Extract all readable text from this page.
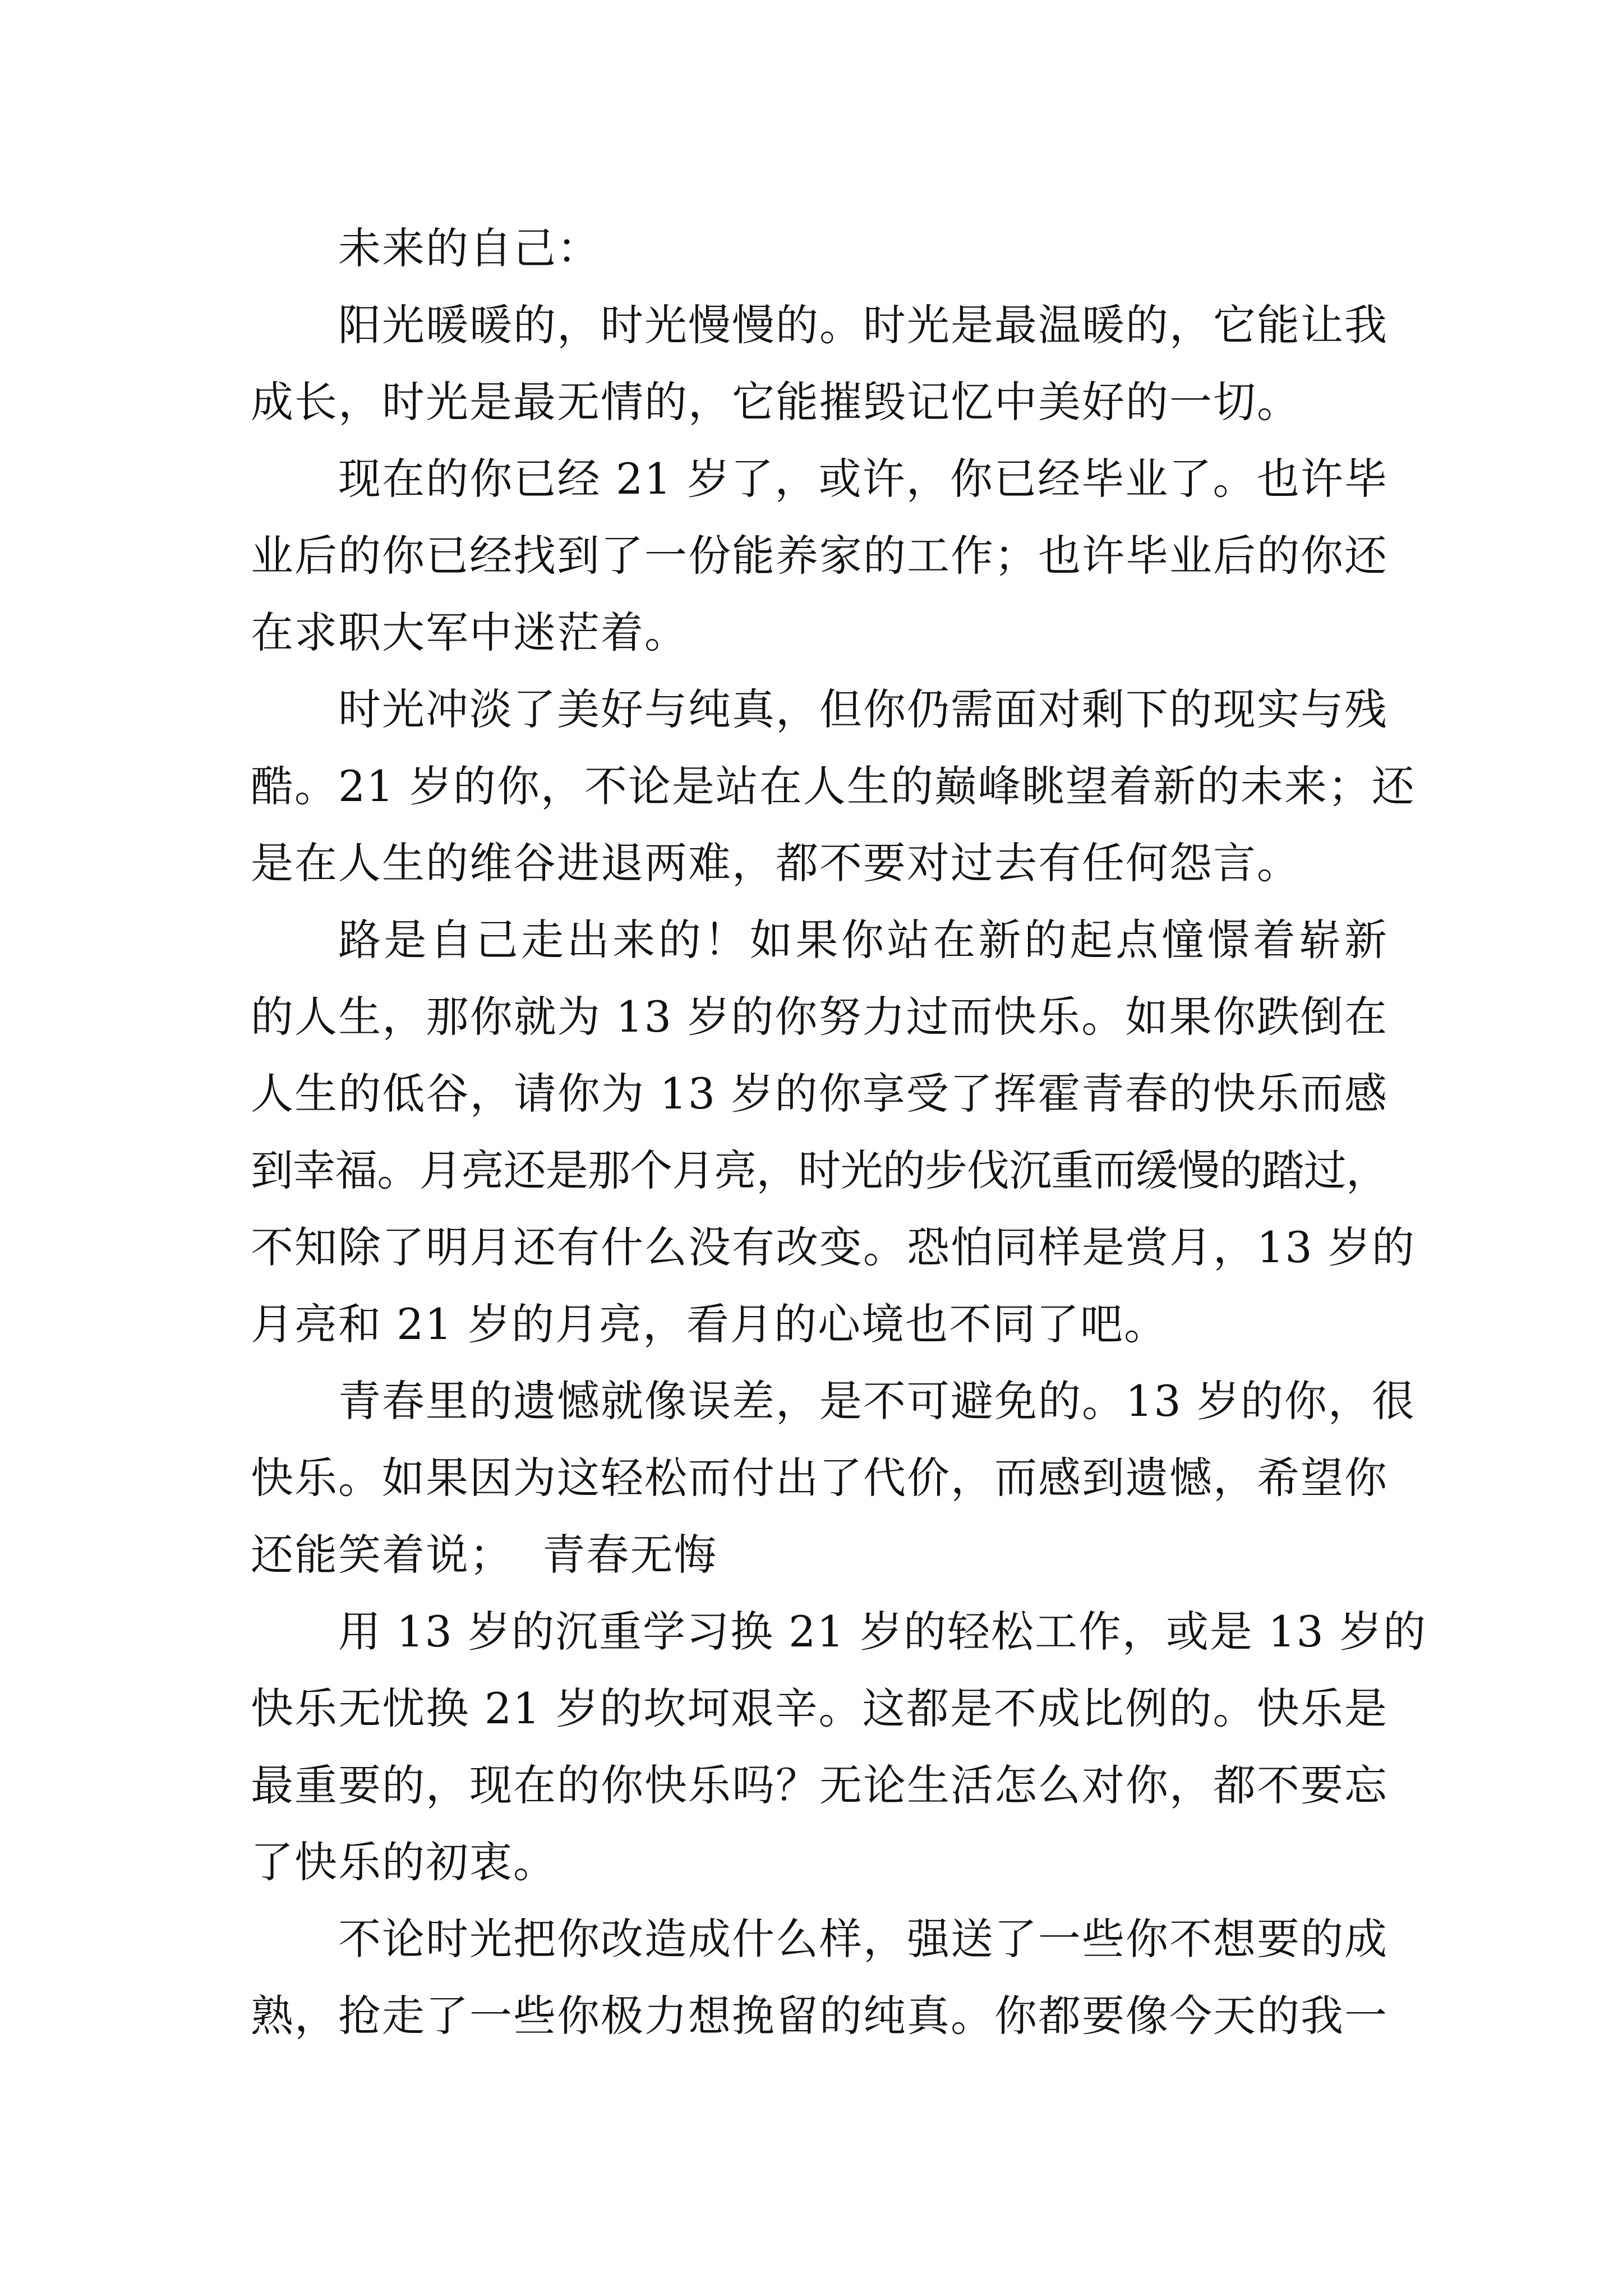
未来的自己：
阳光暖暖的，时光慢慢的。时光是最温暖的，它能让我
成长，时光是最无情的，它能摧毁记忆中美好的一切。
现在的你已经 21 岁了，或许，你已经毕业了。也许毕
业后的你已经找到了一份能养家的工作；也许毕业后的你还
在求职大军中迷茫着。
时光冲淡了美好与纯真，但你仍需面对剩下的现实与残
酷。21 岁的你，不论是站在人生的巅峰眺望着新的未来；还
是在人生的维谷进退两难，都不要对过去有任何怨言。
路是自己走出来的！如果你站在新的起点憧憬着崭新
的人生，那你就为 13 岁的你努力过而快乐。如果你跌倒在
人生的低谷，请你为 13 岁的你享受了挥霍青春的快乐而感
到幸福。月亮还是那个月亮，时光的步伐沉重而缓慢的踏过，
不知除了明月还有什么没有改变。恐怕同样是赏月，13 岁的
月亮和 21 岁的月亮，看月的心境也不同了吧。
青春里的遗憾就像误差，是不可避免的。13 岁的你，很
快乐。如果因为这轻松而付出了代价，而感到遗憾，希望你
还能笑着说；  青春无悔
用 13 岁的沉重学习换 21 岁的轻松工作，或是 13 岁的
快乐无忧换 21 岁的坎坷艰辛。这都是不成比例的。快乐是
最重要的，现在的你快乐吗？无论生活怎么对你，都不要忘
了快乐的初衷。
不论时光把你改造成什么样，强送了一些你不想要的成
熟，抢走了一些你极力想挽留的纯真。你都要像今天的我一
